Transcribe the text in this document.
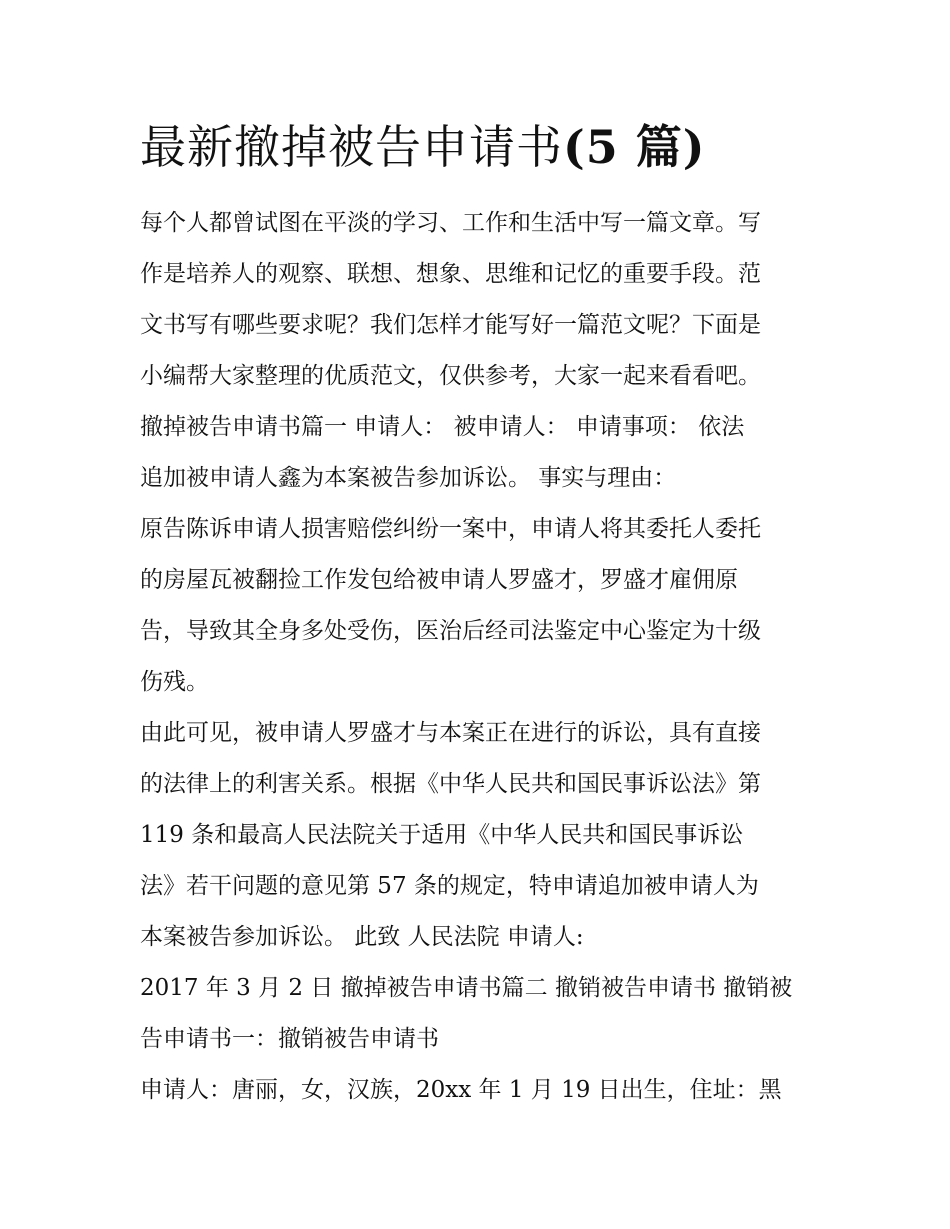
最新撤掉被告申请书(5 篇)
每个人都曾试图在平淡的学习、工作和生活中写一篇文章。写
作是培养人的观察、联想、想象、思维和记忆的重要手段。范
文书写有哪些要求呢？我们怎样才能写好一篇范文呢？下面是
小编帮大家整理的优质范文，仅供参考，大家一起来看看吧。
撤掉被告申请书篇一 申请人： 被申请人： 申请事项： 依法
追加被申请人鑫为本案被告参加诉讼。 事实与理由：
原告陈诉申请人损害赔偿纠纷一案中，申请人将其委托人委托
的房屋瓦被翻捡工作发包给被申请人罗盛才，罗盛才雇佣原
告，导致其全身多处受伤，医治后经司法鉴定中心鉴定为十级
伤残。
由此可见，被申请人罗盛才与本案正在进行的诉讼，具有直接
的法律上的利害关系。根据《中华人民共和国民事诉讼法》第
119 条和最高人民法院关于适用《中华人民共和国民事诉讼
法》若干问题的意见第 57 条的规定，特申请追加被申请人为
本案被告参加诉讼。 此致 人民法院 申请人:
2017 年 3 月 2 日 撤掉被告申请书篇二 撤销被告申请书 撤销被
告申请书一：撤销被告申请书
申请人：唐丽，女，汉族，20xx 年 1 月 19 日出生，住址：黑
